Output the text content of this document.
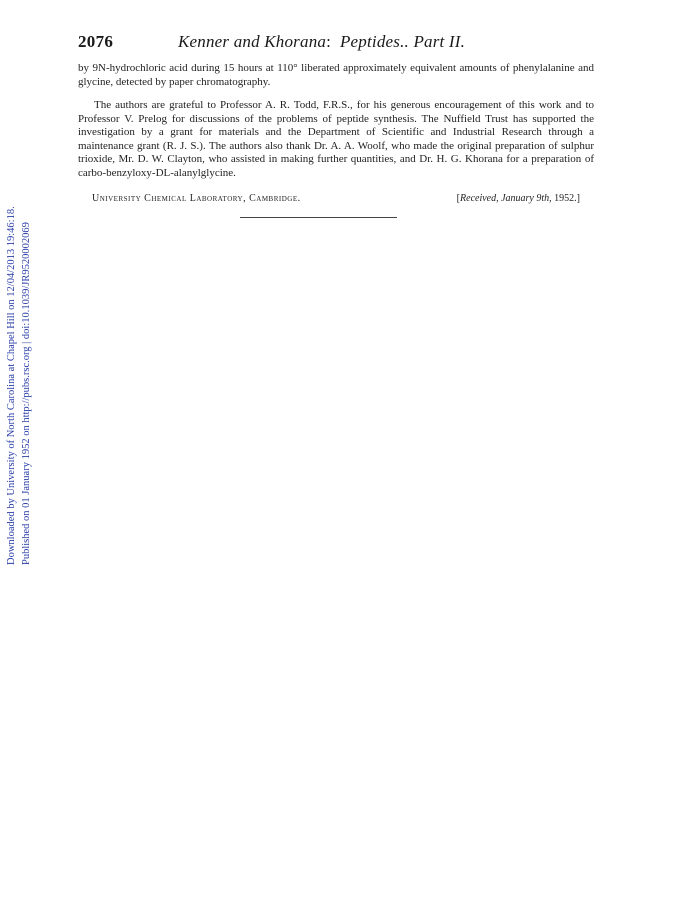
2076	Kenner and Khorana: Peptides.. Part II.
by 9N-hydrochloric acid during 15 hours at 110° liberated approximately equivalent amounts of phenylalanine and glycine, detected by paper chromatography.
The authors are grateful to Professor A. R. Todd, F.R.S., for his generous encouragement of this work and to Professor V. Prelog for discussions of the problems of peptide synthesis. The Nuffield Trust has supported the investigation by a grant for materials and the Department of Scientific and Industrial Research through a maintenance grant (R. J. S.). The authors also thank Dr. A. A. Woolf, who made the original preparation of sulphur trioxide, Mr. D. W. Clayton, who assisted in making further quantities, and Dr. H. G. Khorana for a preparation of carbo-benzyloxy-DL-alanylglycine.
University Chemical Laboratory, Cambridge.	[Received, January 9th, 1952.]
Downloaded by University of North Carolina at Chapel Hill on 12/04/2013 19:46:18. Published on 01 January 1952 on http://pubs.rsc.org | doi:10.1039/JR9520002069
